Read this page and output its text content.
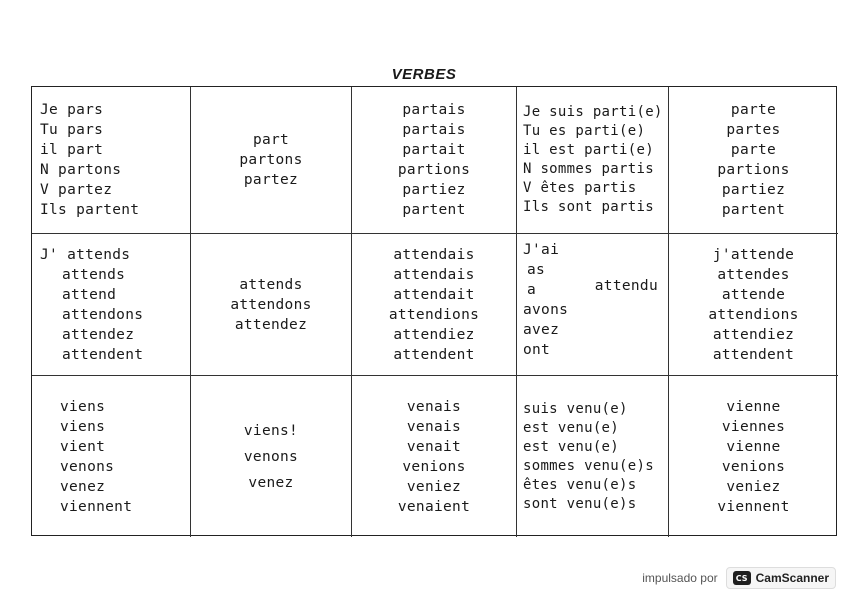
VERBES
Je pars
Tu pars
il part
N partons
V partez
Ils partent
part
partons
partez
partais
partais
partait
partions
partiez
partent
Je suis parti(e)
Tu es parti(e)
il est parti(e)
N sommes partis
V êtes partis
Ils sont partis
parte
partes
parte
partions
partiez
partent
J' attends
attends
attend
attendons
attendez
attendent
attends
attendons
attendez
attendais
attendais
attendait
attendions
attendiez
attendent
J'ai
as
a
avons
avez
ont
attendu
j'attende
attendes
attende
attendions
attendiez
attendent
viens
viens
vient
venons
venez
viennent
viens!
venons
venez
venais
venais
venait
venions
veniez
venaient
suis venu(e)
est venu(e)
est venu(e)
sommes venu(e)s
êtes venu(e)s
sont venu(e)s
vienne
viennes
vienne
venions
veniez
viennent
impulsado por	CS CamScanner
